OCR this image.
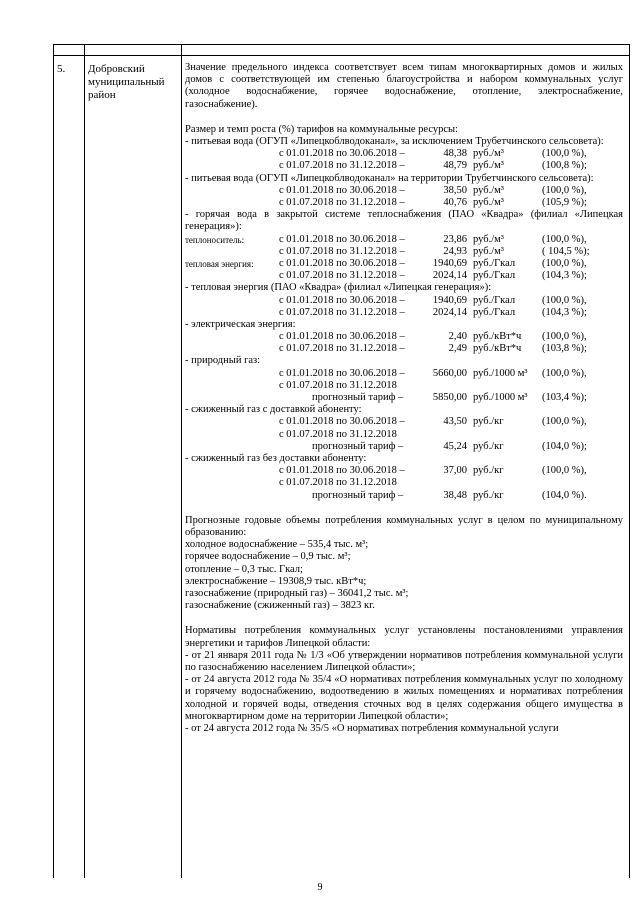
5. Добровский муниципальный район

Значение предельного индекса соответствует всем типам многоквартирных домов и жилых домов с соответствующей им степенью благоустройства и набором коммунальных услуг (холодное водоснабжение, горячее водоснабжение, отопление, электроснабжение, газоснабжение).

Размер и темп роста (%) тарифов на коммунальные ресурсы:

- питьевая вода (ОГУП «Липецкоблводоканал», за исключением Трубетчинского сельсовета):

с 01.01.2018 по 30.06.2018 –	48,38 руб./м³	(100,0 %),
с 01.07.2018 по 31.12.2018 –	48,79 руб./м³	(100,8 %);

- питьевая вода (ОГУП «Липецкоблводоканал» на территории Трубетчинского сельсовета):

с 01.01.2018 по 30.06.2018 –	38,50 руб./м³	(100,0 %),
с 01.07.2018 по 31.12.2018 –	40,76 руб./м³	(105,9 %);

- горячая вода в закрытой системе теплоснабжения (ПАО «Квадра» (филиал «Липецкая генерация»):

теплоноситель:	с 01.01.2018 по 30.06.2018 –	23,86 руб./м³	(100,0 %),
с 01.07.2018 по 31.12.2018 –	24,93 руб./м³	( 104,5 %);
тепловая энергия: с 01.01.2018 по 30.06.2018 –	1940,69 руб./Гкал	(100,0 %),
с 01.07.2018 по 31.12.2018 –	2024,14 руб./Гкал	(104,3 %);

- тепловая энергия (ПАО «Квадра» (филиал «Липецкая генерация»):

с 01.01.2018 по 30.06.2018 –	1940,69 руб./Гкал	(100,0 %),
с 01.07.2018 по 31.12.2018 –	2024,14 руб./Гкал	(104,3 %);

- электрическая энергия:

с 01.01.2018 по 30.06.2018 –	2,40 руб./кВт*ч (100,0 %),
с 01.07.2018 по 31.12.2018 –	2,49 руб./кВт*ч (103,8 %);

- природный газ:

с 01.01.2018 по 30.06.2018 –	5660,00 руб./1000 м³ (100,0 %),
с 01.07.2018 по 31.12.2018
прогнозный тариф –	5850,00 руб./1000 м³ (103,4 %);

- сжиженный газ с доставкой абоненту:

с 01.01.2018 по 30.06.2018 –	43,50 руб./кг	(100,0 %),
с 01.07.2018 по 31.12.2018
прогнозный тариф –	45,24 руб./кг	(104,0 %);

- сжиженный газ без доставки абоненту:

с 01.01.2018 по 30.06.2018 –	37,00 руб./кг	(100,0 %),
с 01.07.2018 по 31.12.2018
прогнозный тариф –	38,48 руб./кг	(104,0 %).

Прогнозные годовые объемы потребления коммунальных услуг в целом по муниципальному образованию:

холодное водоснабжение – 535,4 тыс. м³;

горячее водоснабжение – 0,9 тыс. м³;

отопление – 0,3 тыс. Гкал;

электроснабжение – 19308,9 тыс. кВт*ч;

газоснабжение (природный газ) – 36041,2 тыс. м³;

газоснабжение (сжиженный газ) – 3823 кг.

Нормативы потребления коммунальных услуг установлены постановлениями управления энергетики и тарифов Липецкой области:

- от 21 января 2011 года № 1/3 «Об утверждении нормативов потребления коммунальной услуги по газоснабжению населением Липецкой области»;

- от 24 августа 2012 года № 35/4 «О нормативах потребления коммунальных услуг по холодному и горячему водоснабжению, водоотведению в жилых помещениях и нормативах потребления холодной и горячей воды, отведения сточных вод в целях содержания общего имущества в многоквартирном доме на территории Липецкой области»;

- от 24 августа 2012 года № 35/5 «О нормативах потребления коммунальной услуги

9
